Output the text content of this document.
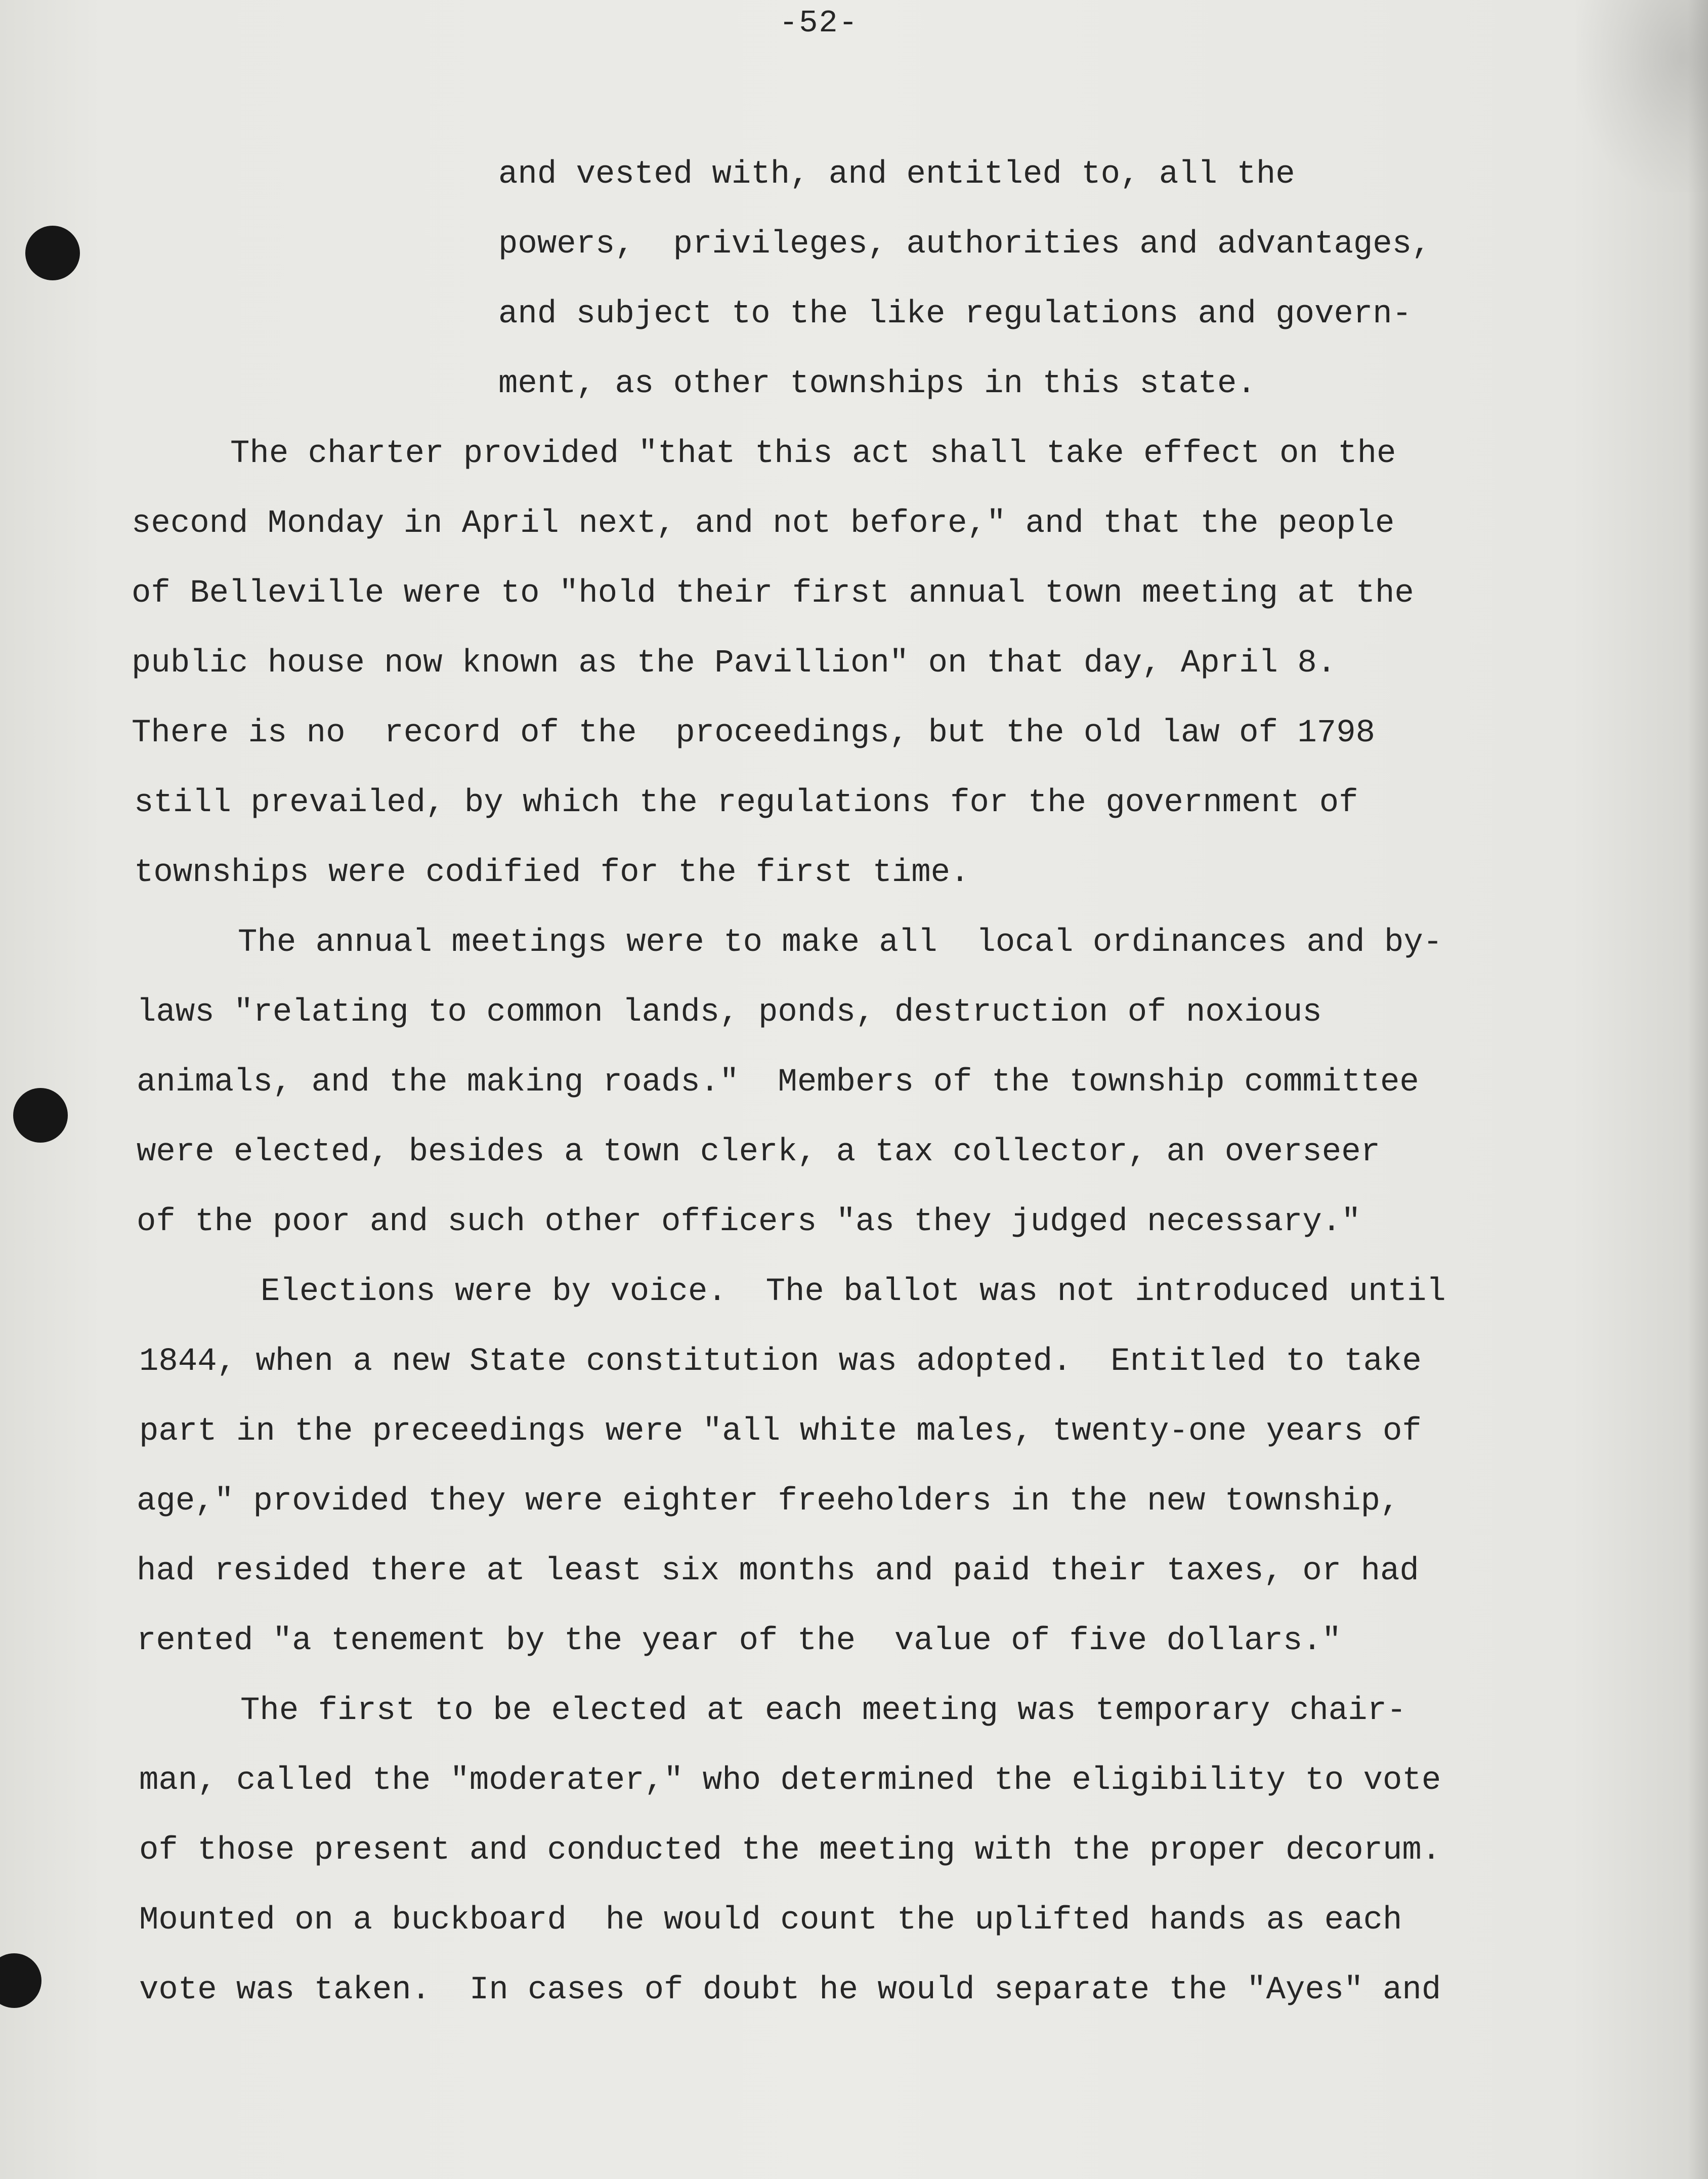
-52-
and vested with, and entitled to, all the
powers,  privileges, authorities and advantages,
and subject to the like regulations and govern-
ment, as other townships in this state.
The charter provided "that this act shall take effect on the
second Monday in April next, and not before," and that the people
of Belleville were to "hold their first annual town meeting at the
public house now known as the Pavillion" on that day, April 8.
There is no  record of the  proceedings, but the old law of 1798
still prevailed, by which the regulations for the government of
townships were codified for the first time.
The annual meetings were to make all  local ordinances and by-
laws "relating to common lands, ponds, destruction of noxious
animals, and the making roads."  Members of the township committee
were elected, besides a town clerk, a tax collector, an overseer
of the poor and such other officers "as they judged necessary."
Elections were by voice.  The ballot was not introduced until
1844, when a new State constitution was adopted.  Entitled to take
part in the preceedings were "all white males, twenty-one years of
age," provided they were eighter freeholders in the new township,
had resided there at least six months and paid their taxes, or had
rented "a tenement by the year of the  value of five dollars."
The first to be elected at each meeting was temporary chair-
man, called the "moderater," who determined the eligibility to vote
of those present and conducted the meeting with the proper decorum.
Mounted on a buckboard  he would count the uplifted hands as each
vote was taken.  In cases of doubt he would separate the "Ayes" and
